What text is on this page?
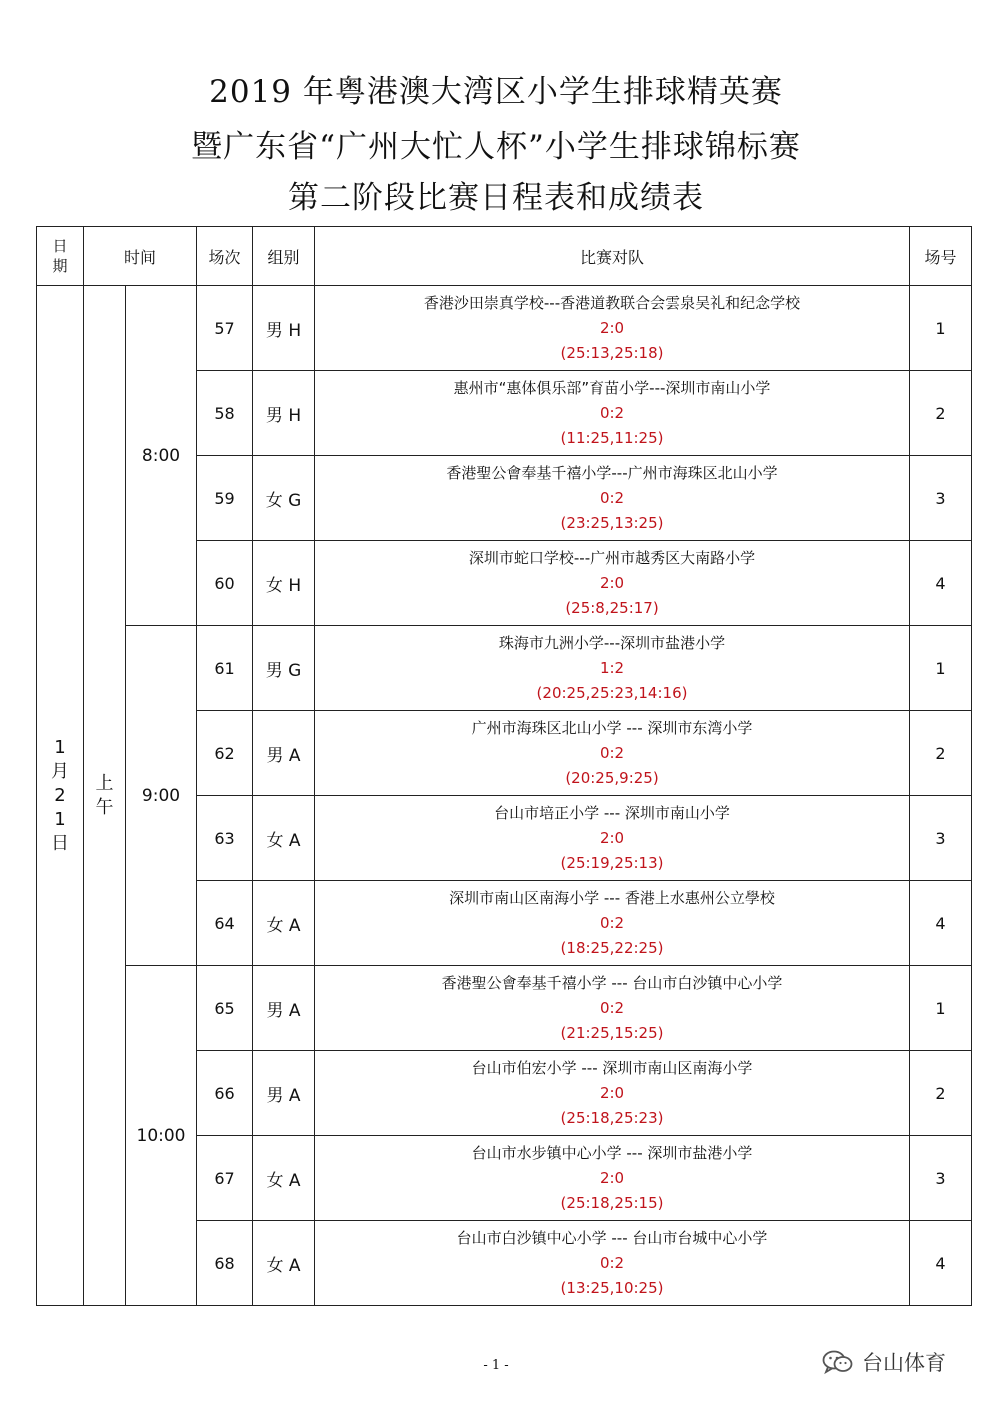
2019 年粤港澳大湾区小学生排球精英赛
暨广东省“广州大忙人杯”小学生排球锦标赛
第二阶段比赛日程表和成绩表
日期	时间		场次	组别	比赛对队	场号
1月21日	上午	8:00	57	男 H	香港沙田崇真学校---香港道教联合会雲泉吴礼和纪念学校
2:0
(25:13,25:18)	1
			58	男 H	惠州市“惠体俱乐部”育苗小学---深圳市南山小学
0:2
(11:25,11:25)	2
			59	女 G	香港聖公會奉基千禧小学---广州市海珠区北山小学
0:2
(23:25,13:25)	3
			60	女 H	深圳市蛇口学校---广州市越秀区大南路小学
2:0
(25:8,25:17)	4
		9:00	61	男 G	珠海市九洲小学---深圳市盐港小学
1:2
(20:25,25:23,14:16)	1
			62	男 A	广州市海珠区北山小学 --- 深圳市东湾小学
0:2
(20:25,9:25)	2
			63	女 A	台山市培正小学 --- 深圳市南山小学
2:0
(25:19,25:13)	3
			64	女 A	深圳市南山区南海小学 --- 香港上水惠州公立學校
0:2
(18:25,22:25)	4
		10:00	65	男 A	香港聖公會奉基千禧小学 --- 台山市白沙镇中心小学
0:2
(21:25,15:25)	1
			66	男 A	台山市伯宏小学 --- 深圳市南山区南海小学
2:0
(25:18,25:23)	2
			67	女 A	台山市水步镇中心小学 --- 深圳市盐港小学
2:0
(25:18,25:15)	3
			68	女 A	台山市白沙镇中心小学 --- 台山市台城中心小学
0:2
(13:25,10:25)	4
- 1 -	台山体育
